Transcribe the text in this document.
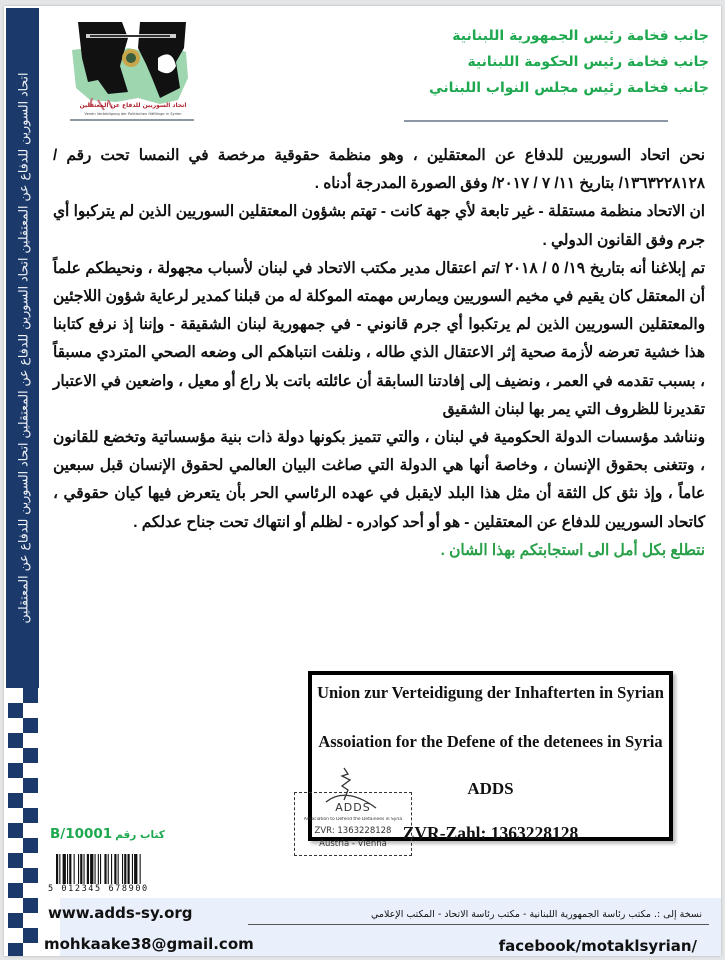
اتحاد السورين للدفاع عن المعتقلين اتحاد السورين للدفاع عن المعتقلين اتحاد السورين للدفاع عن المعتقلين	اتحاد السوريين للدفاع عن المعتقلين
Verein Verteidigung der Politischen Häftlinge in Syrien
جانب فخامة رئيس الجمهورية اللبنانية
جانب فخامة رئيس الحكومة اللبنانية
جانب فخامة رئيس مجلس النواب اللبناني

نحن اتحاد السوريين للدفاع عن المعتقلين ، وهو منظمة حقوقية مرخصة في النمسا تحت رقم / ١٣٦٣٢٢٨١٢٨/ بتاريخ ١١/ ٧ / ٢٠١٧/ وفق الصورة المدرجة أدناه .

ان الاتحاد منظمة مستقلة - غير تابعة لأي جهة كانت - تهتم بشؤون المعتقلين السوريين الذين لم يتركبوا أي جرم وفق القانون الدولي .

تم إبلاغنا أنه بتاريخ ١٩/ ٥ / ٢٠١٨ /تم اعتقال مدير مكتب الاتحاد في لبنان لأسباب مجهولة ، ونحيطكم علماً أن المعتقل كان يقيم في مخيم السوريين ويمارس مهمته الموكلة له من قبلنا كمدير لرعاية شؤون اللاجئين والمعتقلين السوريين الذين لم يرتكبوا أي جرم قانوني - في جمهورية لبنان الشقيقة - وإننا إذ نرفع كتابنا هذا خشية تعرضه لأزمة صحية إثر الاعتقال الذي طاله ، ونلفت انتباهكم الى وضعه الصحي المتردي مسبقاً ، بسبب تقدمه في العمر ، ونضيف إلى إفادتنا السابقة أن عائلته باتت بلا راع أو معيل ، واضعين في الاعتبار تقديرنا للظروف التي يمر بها لبنان الشقيق

ونناشد مؤسسات الدولة الحكومية في لبنان ، والتي تتميز بكونها دولة ذات بنية مؤسساتية وتخضع للقانون ، وتتغنى بحقوق الإنسان ، وخاصة أنها هي الدولة التي صاغت البيان العالمي لحقوق الإنسان قبل سبعين عاماً ، وإذ نثق كل الثقة أن مثل هذا البلد لايقبل في عهده الرئاسي الحر بأن يتعرض فيها كيان حقوقي ، كاتحاد السوريين للدفاع عن المعتقلين - هو أو أحد كوادره - لظلم أو انتهاك تحت جناح عدلكم .

نتطلع بكل أمل الى استجابتكم بهذا الشان .

Union zur Verteidigung der Inhafterten in Syrian
Assoiation for the Defene of the detenees in Syria
ADDS
ZVR-Zahl: 1363228128
ADDS
Association to Defend the Detainees in Syria
ZVR: 1363228128
Austria - Vienna
B/10001 كتاب رقم
5 012345 678900
www.adds-sy.org
mohkaake38@gmail.com
نسخة إلى :. مكتب رئاسة الجمهورية اللبنانية - مكتب رئاسة الاتحاد - المكتب الإعلامي
facebook/motaklsyrian/
